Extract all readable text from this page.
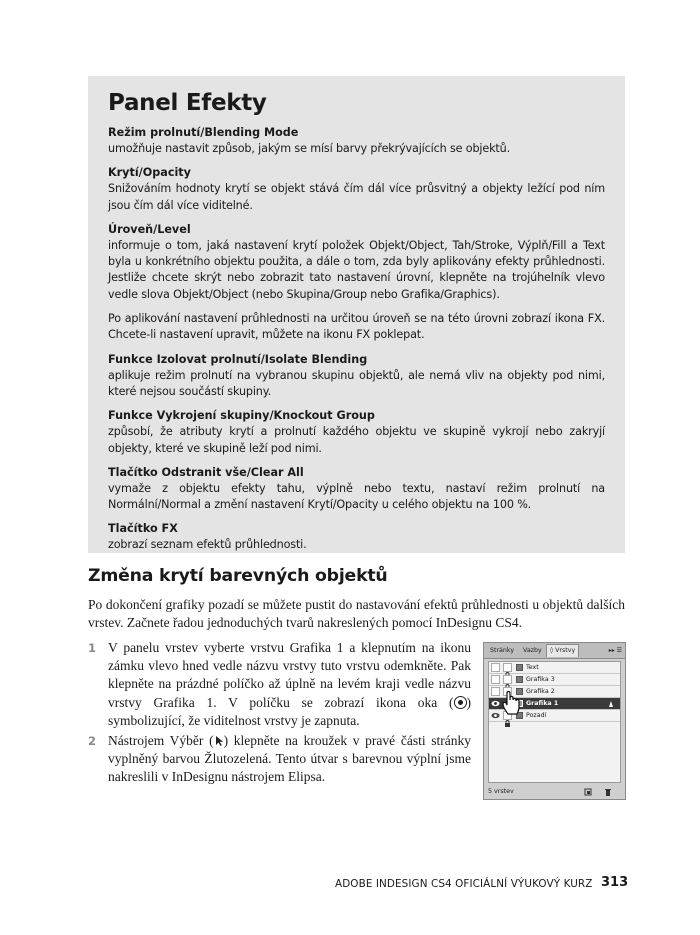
Panel Efekty
Režim prolnutí/Blending Mode
umožňuje nastavit způsob, jakým se mísí barvy překrývajících se objektů.
Krytí/Opacity
Snižováním hodnoty krytí se objekt stává čím dál více průsvitný a objekty ležící pod ním jsou čím dál více viditelné.
Úroveň/Level
informuje o tom, jaká nastavení krytí položek Objekt/Object, Tah/Stroke, Výplň/Fill a Text byla u konkrétního objektu použita, a dále o tom, zda byly aplikovány efekty průhlednosti. Jestliže chcete skrýt nebo zobrazit tato nastavení úrovní, klepněte na trojúhelník vlevo vedle slova Objekt/Object (nebo Skupina/Group nebo Grafika/Graphics).
Po aplikování nastavení průhlednosti na určitou úroveň se na této úrovni zobrazí ikona FX. Chcete-li nastavení upravit, můžete na ikonu FX poklepat.
Funkce Izolovat prolnutí/Isolate Blending
aplikuje režim prolnutí na vybranou skupinu objektů, ale nemá vliv na objekty pod nimi, které nejsou součástí skupiny.
Funkce Vykrojení skupiny/Knockout Group
způsobí, že atributy krytí a prolnutí každého objektu ve skupině vykrojí nebo zakryjí objekty, které ve skupině leží pod nimi.
Tlačítko Odstranit vše/Clear All
vymaže z objektu efekty tahu, výplně nebo textu, nastaví režim prolnutí na Normální/Normal a změní nastavení Krytí/Opacity u celého objektu na 100 %.
Tlačítko FX
zobrazí seznam efektů průhlednosti.
Změna krytí barevných objektů
Po dokončení grafiky pozadí se můžete pustit do nastavování efektů průhlednosti u objektů dalších vrstev. Začnete řadou jednoduchých tvarů nakreslených pomocí InDesignu CS4.
1 V panelu vrstev vyberte vrstvu Grafika 1 a klepnutím na ikonu zámku vlevo hned vedle názvu vrstvy tuto vrstvu odemkněte. Pak klepněte na prázdné políčko až úplně na levém kraji vedle názvu vrstvy Grafika 1. V políčku se zobrazí ikona oka ( ) symbolizující, že viditelnost vrstvy je zapnuta.
2 Nástrojem Výběr ( ) klepněte na kroužek v pravé části stránky vyplněný barvou Žlutozelená. Tento útvar s barevnou výplní jsme nakreslili v InDesignu nástrojem Elipsa.
Stránky	Vazby	◊ Vrstvy	▸▸ ☰
Text
Grafika 3
Grafika 2
Grafika 1
Pozadí
5 vrstev
ADOBE INDESIGN CS4 OFICIÁLNÍ VÝUKOVÝ KURZ 313
